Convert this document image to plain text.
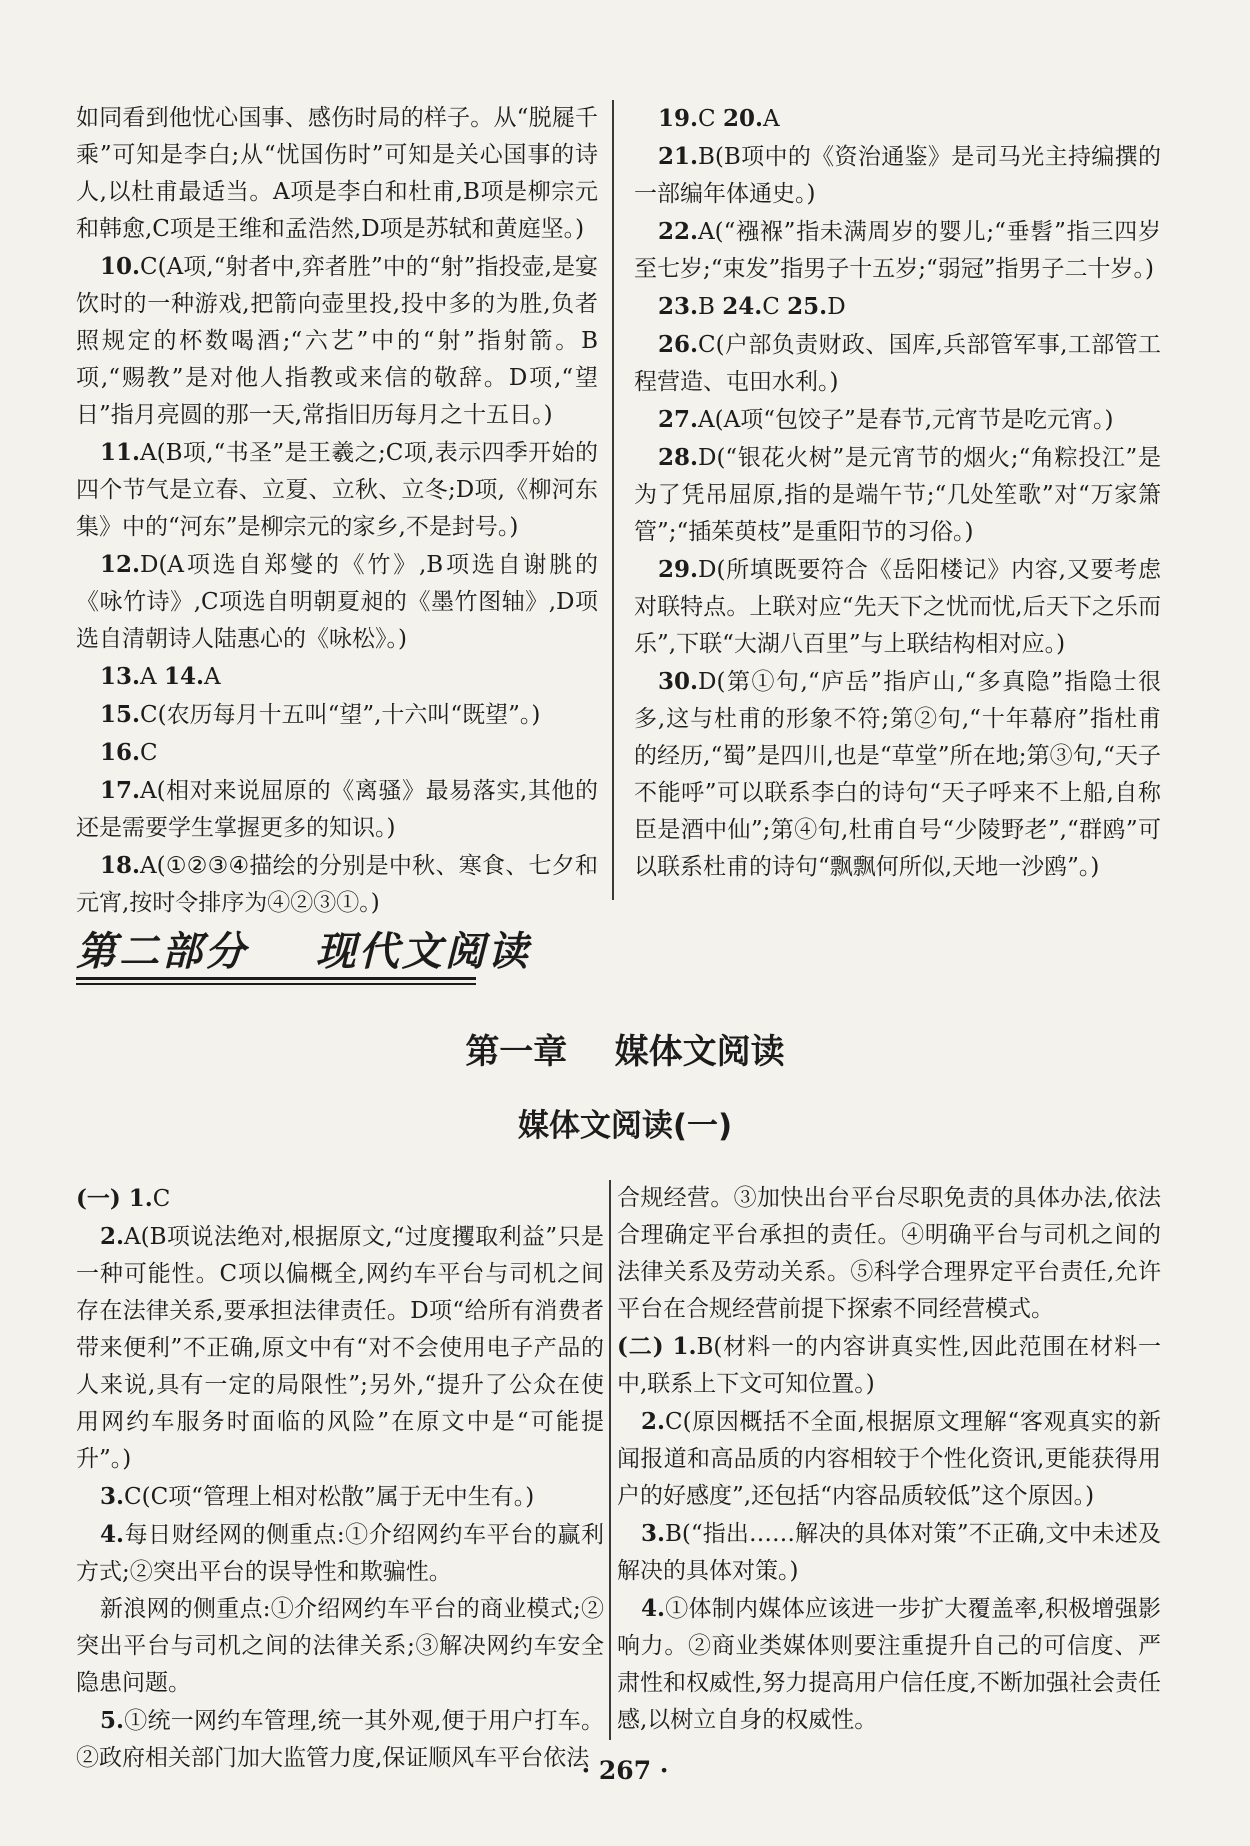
如同看到他忧心国事、感伤时局的样子。从“脱屣千乘”可知是李白;从“忧国伤时”可知是关心国事的诗人,以杜甫最适当。A项是李白和杜甫,B项是柳宗元和韩愈,C项是王维和孟浩然,D项是苏轼和黄庭坚。)

10.C(A项,“射者中,弈者胜”中的“射”指投壶,是宴饮时的一种游戏,把箭向壶里投,投中多的为胜,负者照规定的杯数喝酒;“六艺”中的“射”指射箭。B项,“赐教”是对他人指教或来信的敬辞。D项,“望日”指月亮圆的那一天,常指旧历每月之十五日。)

11.A(B项,“书圣”是王羲之;C项,表示四季开始的四个节气是立春、立夏、立秋、立冬;D项,《柳河东集》中的“河东”是柳宗元的家乡,不是封号。)

12.D(A项选自郑燮的《竹》,B项选自谢朓的《咏竹诗》,C项选自明朝夏昶的《墨竹图轴》,D项选自清朝诗人陆惠心的《咏松》。)

13.A 14.A

15.C(农历每月十五叫“望”,十六叫“既望”。)

16.C

17.A(相对来说屈原的《离骚》最易落实,其他的还是需要学生掌握更多的知识。)

18.A(①②③④描绘的分别是中秋、寒食、七夕和元宵,按时令排序为④②③①。)

19.C 20.A

21.B(B项中的《资治通鉴》是司马光主持编撰的一部编年体通史。)

22.A(“襁褓”指未满周岁的婴儿;“垂髫”指三四岁至七岁;“束发”指男子十五岁;“弱冠”指男子二十岁。)

23.B 24.C 25.D

26.C(户部负责财政、国库,兵部管军事,工部管工程营造、屯田水利。)

27.A(A项“包饺子”是春节,元宵节是吃元宵。)

28.D(“银花火树”是元宵节的烟火;“角粽投江”是为了凭吊屈原,指的是端午节;“几处笙歌”对“万家箫管”;“插茱萸枝”是重阳节的习俗。)

29.D(所填既要符合《岳阳楼记》内容,又要考虑对联特点。上联对应“先天下之忧而忧,后天下之乐而乐”,下联“大湖八百里”与上联结构相对应。)

30.D(第①句,“庐岳”指庐山,“多真隐”指隐士很多,这与杜甫的形象不符;第②句,“十年幕府”指杜甫的经历,“蜀”是四川,也是“草堂”所在地;第③句,“天子不能呼”可以联系李白的诗句“天子呼来不上船,自称臣是酒中仙”;第④句,杜甫自号“少陵野老”,“群鸥”可以联系杜甫的诗句“飘飘何所似,天地一沙鸥”。)

第二部分    现代文阅读
第一章    媒体文阅读
媒体文阅读(一)

(一) 1.C

2.A(B项说法绝对,根据原文,“过度攫取利益”只是一种可能性。C项以偏概全,网约车平台与司机之间存在法律关系,要承担法律责任。D项“给所有消费者带来便利”不正确,原文中有“对不会使用电子产品的人来说,具有一定的局限性”;另外,“提升了公众在使用网约车服务时面临的风险”在原文中是“可能提升”。)

3.C(C项“管理上相对松散”属于无中生有。)

4.每日财经网的侧重点:①介绍网约车平台的赢利方式;②突出平台的误导性和欺骗性。

新浪网的侧重点:①介绍网约车平台的商业模式;②突出平台与司机之间的法律关系;③解决网约车安全隐患问题。

5.①统一网约车管理,统一其外观,便于用户打车。②政府相关部门加大监管力度,保证顺风车平台依法

合规经营。③加快出台平台尽职免责的具体办法,依法合理确定平台承担的责任。④明确平台与司机之间的法律关系及劳动关系。⑤科学合理界定平台责任,允许平台在合规经营前提下探索不同经营模式。

(二) 1.B(材料一的内容讲真实性,因此范围在材料一中,联系上下文可知位置。)

2.C(原因概括不全面,根据原文理解“客观真实的新闻报道和高品质的内容相较于个性化资讯,更能获得用户的好感度”,还包括“内容品质较低”这个原因。)

3.B(“指出……解决的具体对策”不正确,文中未述及解决的具体对策。)

4.①体制内媒体应该进一步扩大覆盖率,积极增强影响力。②商业类媒体则要注重提升自己的可信度、严肃性和权威性,努力提高用户信任度,不断加强社会责任感,以树立自身的权威性。

· 267 ·
